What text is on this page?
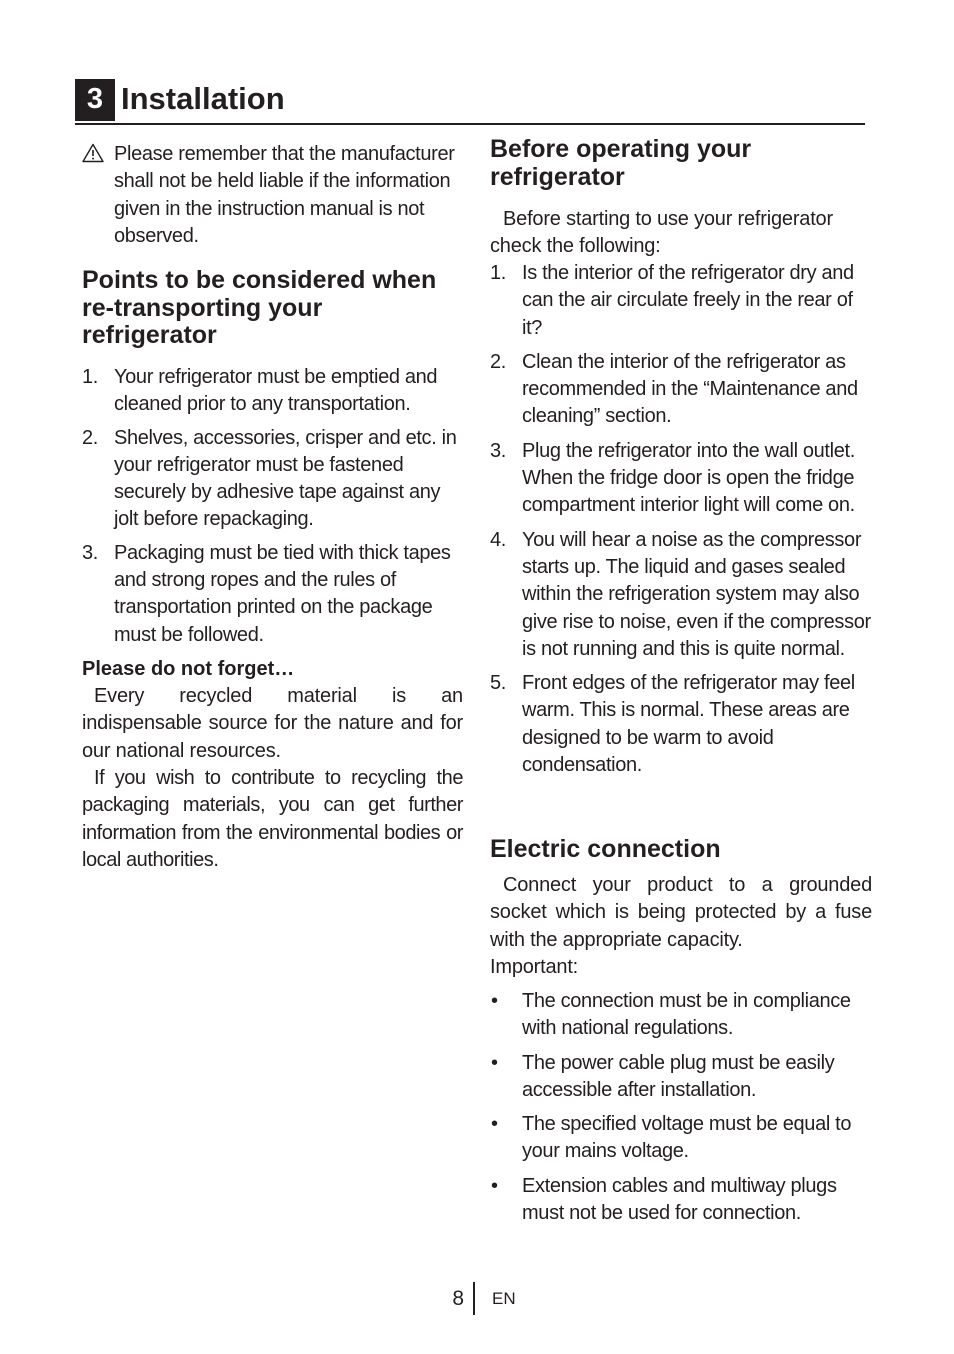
3 Installation
Please remember that the manufacturer shall not be held liable if the information given in the instruction manual is not observed.
Points to be considered when re-transporting your refrigerator
1. Your refrigerator must be emptied and cleaned prior to any transportation.
2. Shelves, accessories, crisper and etc. in your refrigerator must be fastened securely by adhesive tape against any jolt before repackaging.
3. Packaging must be tied with thick tapes and strong ropes and the rules of transportation printed on the package must be followed.
Please do not forget…
Every recycled material is an indispensable source for the nature and for our national resources.
If you wish to contribute to recycling the packaging materials, you can get further information from the environmental bodies or local authorities.
Before operating your refrigerator
Before starting to use your refrigerator check the following:
1. Is the interior of the refrigerator dry and can the air circulate freely in the rear of it?
2. Clean the interior of the refrigerator as recommended in the “Maintenance and cleaning” section.
3. Plug the refrigerator into the wall outlet. When the fridge door is open the fridge compartment interior light will come on.
4. You will hear a noise as the compressor starts up. The liquid and gases sealed within the refrigeration system may also give rise to noise, even if the compressor is not running and this is quite normal.
5. Front edges of the refrigerator may feel warm. This is normal. These areas are designed to be warm to avoid condensation.
Electric connection
Connect your product to a grounded socket which is being protected by a fuse with the appropriate capacity.
Important:
•	The connection must be in compliance with national regulations.
•	The power cable plug must be easily accessible after installation.
•	The specified voltage must be equal to your mains voltage.
•	Extension cables and multiway plugs must not be used for connection.
8 EN
